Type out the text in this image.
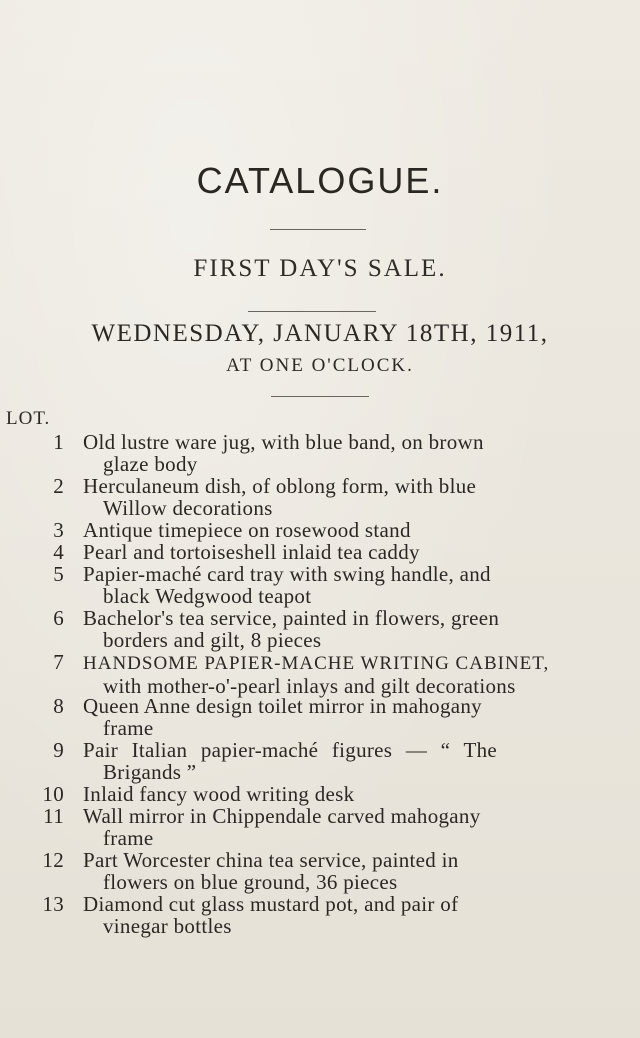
CATALOGUE.
FIRST DAY'S SALE.
WEDNESDAY, JANUARY 18TH, 1911,
AT ONE O'CLOCK.
LOT.
1 Old lustre ware jug, with blue band, on brown
glaze body
2 Herculaneum dish, of oblong form, with blue
Willow decorations
3 Antique timepiece on rosewood stand
4 Pearl and tortoiseshell inlaid tea caddy
5 Papier-maché card tray with swing handle, and
black Wedgwood teapot
6 Bachelor's tea service, painted in flowers, green
borders and gilt, 8 pieces
7 HANDSOME PAPIER-MACHE WRITING CABINET,
with mother-o'-pearl inlays and gilt decorations
8 Queen Anne design toilet mirror in mahogany
frame
9 Pair Italian papier-maché figures — “ The
Brigands ”
10 Inlaid fancy wood writing desk
11 Wall mirror in Chippendale carved mahogany
frame
12 Part Worcester china tea service, painted in
flowers on blue ground, 36 pieces
13 Diamond cut glass mustard pot, and pair of
vinegar bottles
